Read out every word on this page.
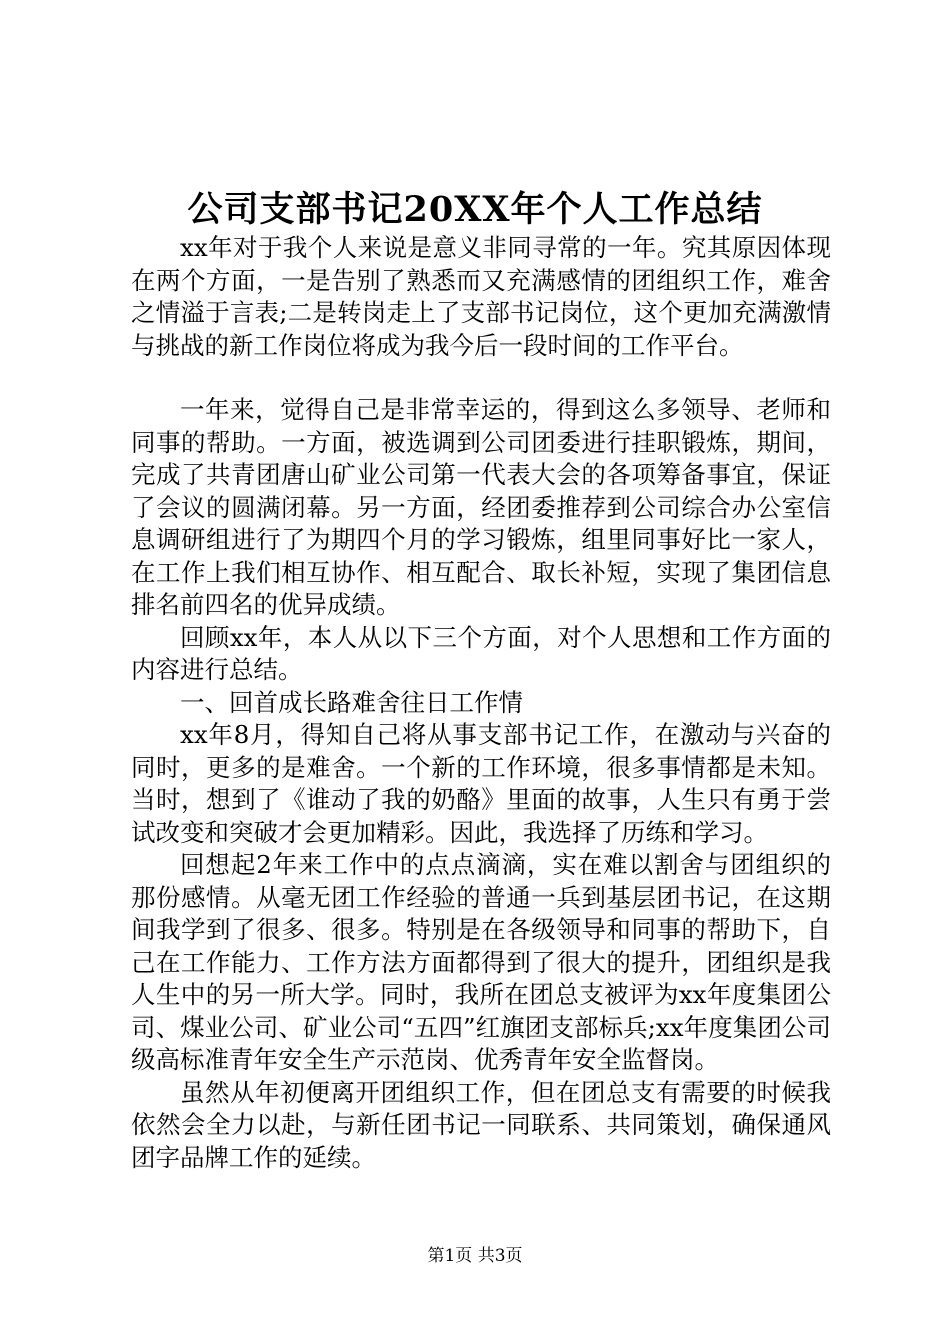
公司支部书记20XX年个人工作总结

xx年对于我个人来说是意义非同寻常的一年。究其原因体现在两个方面，一是告别了熟悉而又充满感情的团组织工作，难舍之情溢于言表;二是转岗走上了支部书记岗位，这个更加充满激情与挑战的新工作岗位将成为我今后一段时间的工作平台。

一年来，觉得自己是非常幸运的，得到这么多领导、老师和同事的帮助。一方面，被选调到公司团委进行挂职锻炼，期间，完成了共青团唐山矿业公司第一代表大会的各项筹备事宜，保证了会议的圆满闭幕。另一方面，经团委推荐到公司综合办公室信息调研组进行了为期四个月的学习锻炼，组里同事好比一家人，在工作上我们相互协作、相互配合、取长补短，实现了集团信息排名前四名的优异成绩。

回顾xx年，本人从以下三个方面，对个人思想和工作方面的内容进行总结。

一、回首成长路难舍往日工作情

xx年8月，得知自己将从事支部书记工作，在激动与兴奋的同时，更多的是难舍。一个新的工作环境，很多事情都是未知。当时，想到了《谁动了我的奶酪》里面的故事，人生只有勇于尝试改变和突破才会更加精彩。因此，我选择了历练和学习。

回想起2年来工作中的点点滴滴，实在难以割舍与团组织的那份感情。从毫无团工作经验的普通一兵到基层团书记，在这期间我学到了很多、很多。特别是在各级领导和同事的帮助下，自己在工作能力、工作方法方面都得到了很大的提升，团组织是我人生中的另一所大学。同时，我所在团总支被评为xx年度集团公司、煤业公司、矿业公司“五四”红旗团支部标兵;xx年度集团公司级高标准青年安全生产示范岗、优秀青年安全监督岗。

虽然从年初便离开团组织工作，但在团总支有需要的时候我依然会全力以赴，与新任团书记一同联系、共同策划，确保通风团字品牌工作的延续。

第1页 共3页
